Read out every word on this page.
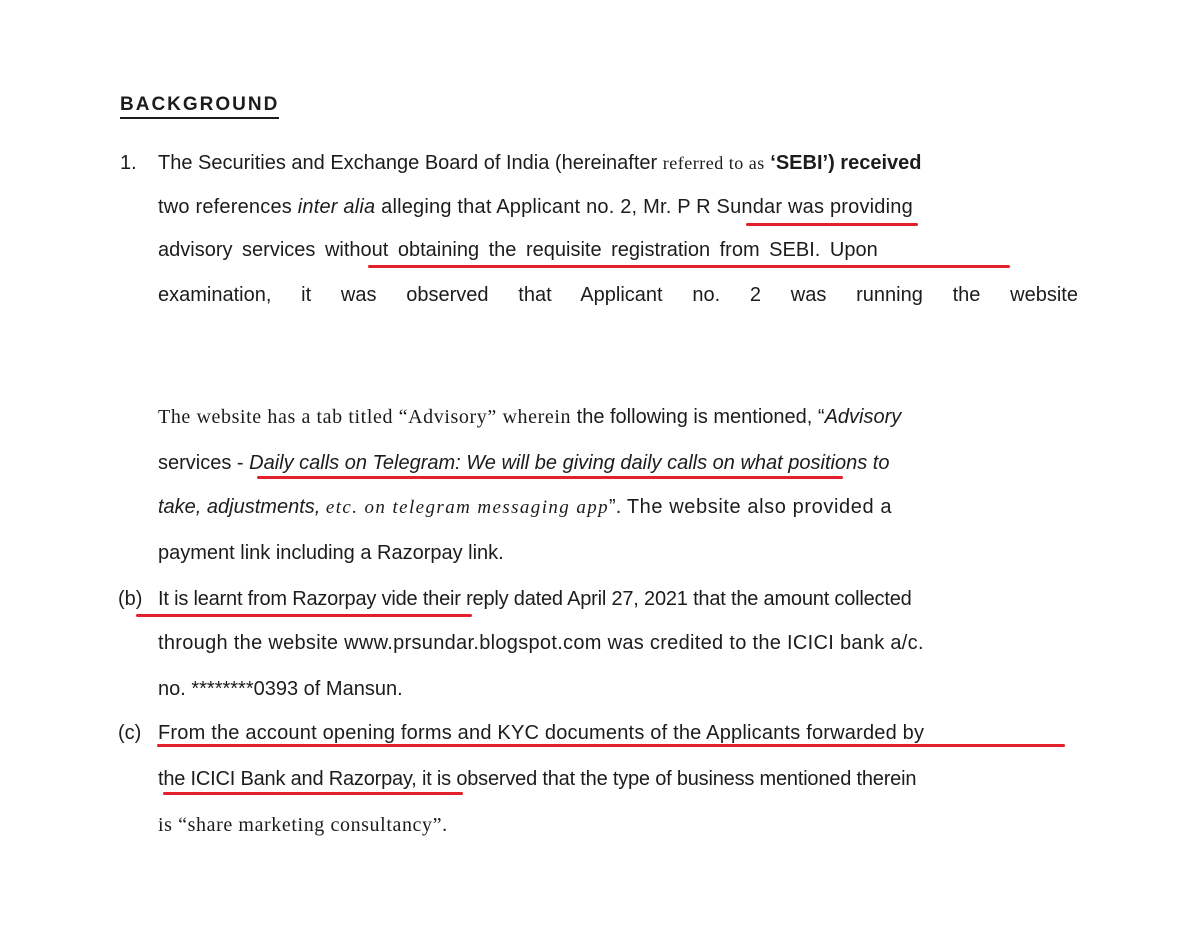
BACKGROUND
1. The Securities and Exchange Board of India (hereinafter referred to as ‘SEBI’) received
two references inter alia alleging that Applicant no. 2, Mr. P R Sundar was providing
advisory services without obtaining the requisite registration from SEBI. Upon
examination, it was observed that Applicant no. 2 was running the website
The website has a tab titled “Advisory” wherein the following is mentioned, “Advisory
services - Daily calls on Telegram: We will be giving daily calls on what positions to
take, adjustments, etc. on telegram messaging app”. The website also provided a
payment link including a Razorpay link.
(b) It is learnt from Razorpay vide their reply dated April 27, 2021 that the amount collected
through the website www.prsundar.blogspot.com was credited to the ICICI bank a/c.
no. ********0393 of Mansun.
(c) From the account opening forms and KYC documents of the Applicants forwarded by
the ICICI Bank and Razorpay, it is observed that the type of business mentioned therein
is “share marketing consultancy”.
